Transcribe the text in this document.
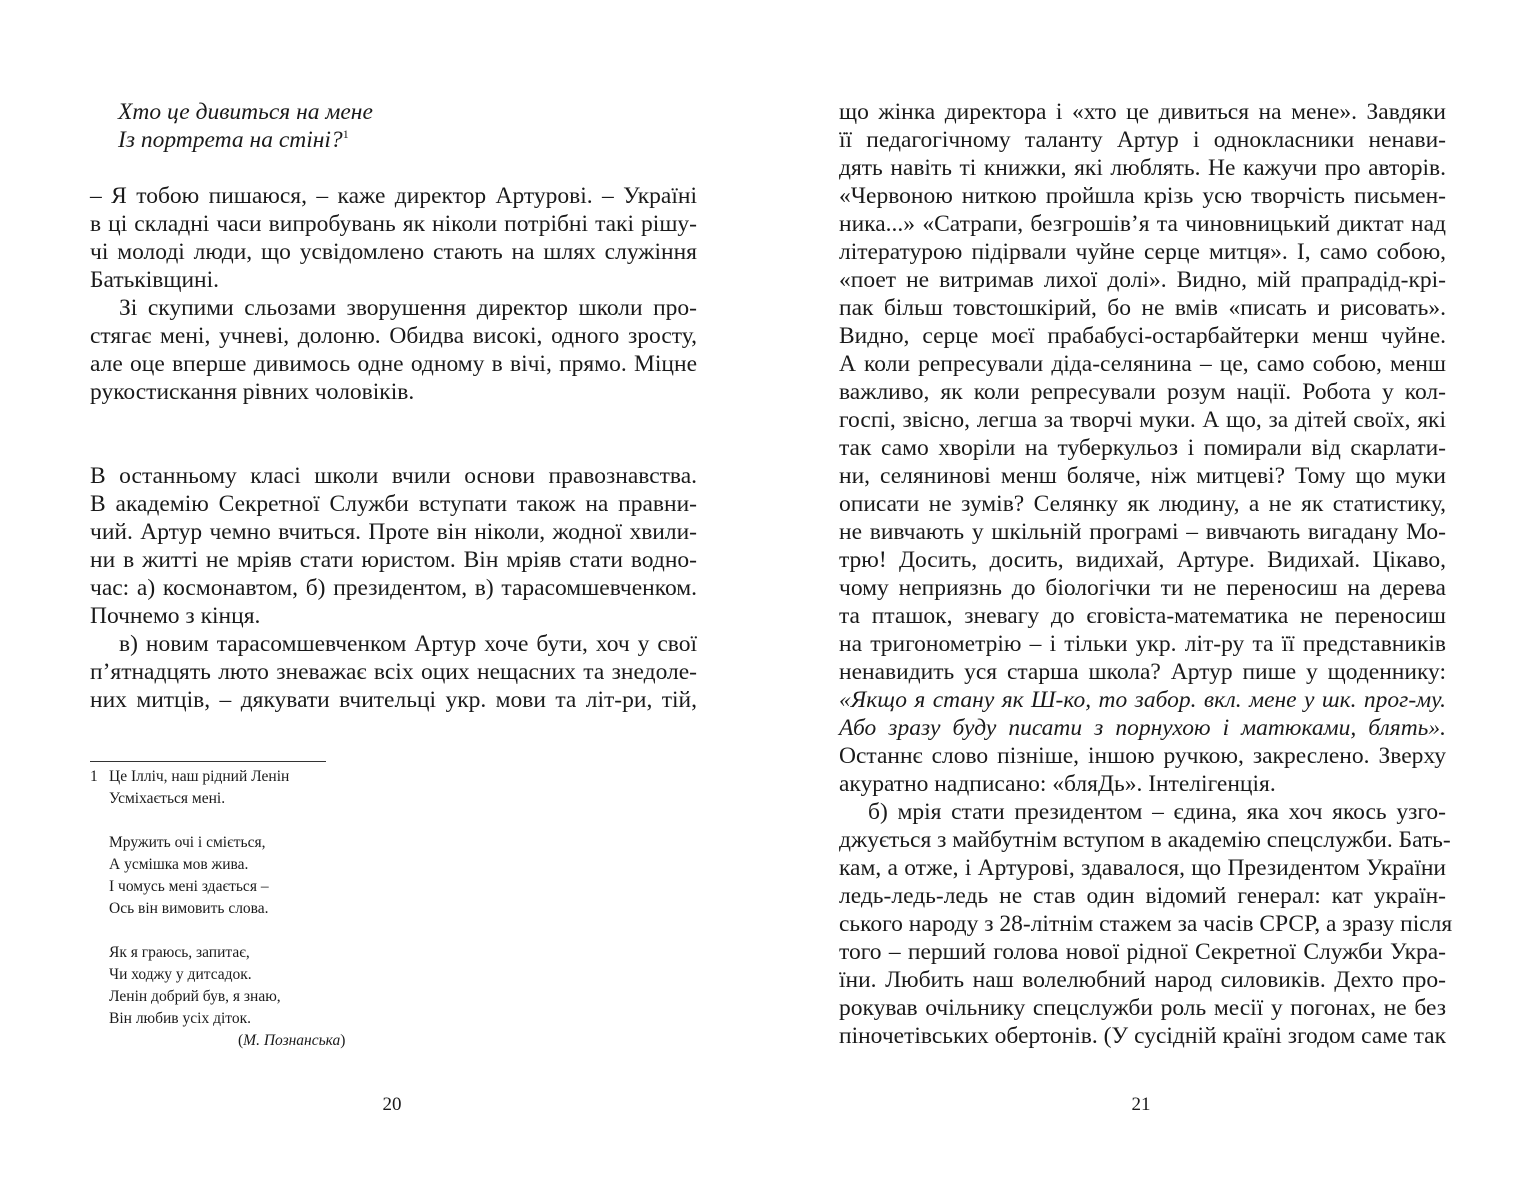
Хто це дивиться на мене
Із портрета на стіні?$^1$

– Я тобою пишаюся, – каже директор Артурові. – Україні

в ці складні часи випробувань як ніколи потрібні такі рішу-

чі молоді люди, що усвідомлено стають на шлях служіння

Батьківщині.

Зі скупими сльозами зворушення директор школи про-

стягає мені, учневі, долоню. Обидва високі, одного зросту,

але оце вперше дивимось одне одному в вічі, прямо. Міцне

рукостискання рівних чоловіків.

В останньому класі школи вчили основи правознавства.

В академію Секретної Служби вступати також на правни-

чий. Артур чемно вчиться. Проте він ніколи, жодної хвили-

ни в житті не мріяв стати юристом. Він мріяв стати водно-

час: а) космонавтом, б) президентом, в) тарасомшевченком.

Почнемо з кінця.

в) новим тарасомшевченком Артур хоче бути, хоч у свої

п’ятнадцять люто зневажає всіх оцих нещасних та знедоле-

них митців, – дякувати вчительці укр. мови та літ-ри, тій,

1 Це Ілліч, наш рідний Ленін
Усміхається мені.
Мружить очі і сміється,
А усмішка мов жива.
І чомусь мені здається –
Ось він вимовить слова.
Як я граюсь, запитає,
Чи ходжу у дитсадок.
Ленін добрий був, я знаю,
Він любив усіх діток.
(М. Познанська)
20

що жінка директора і «хто це дивиться на мене». Завдяки

її педагогічному таланту Артур і однокласники ненави-

дять навіть ті книжки, які люблять. Не кажучи про авторів.

«Червоною ниткою пройшла крізь усю творчість письмен-

ника...» «Сатрапи, безгрошів’я та чиновницький диктат над

літературою підірвали чуйне серце митця». І, само собою,

«поет не витримав лихої долі». Видно, мій прапрадід-крі-

пак більш товстошкірий, бо не вмів «писать и рисовать».

Видно, серце моєї прабабусі-остарбайтерки менш чуйне.

А коли репресували діда-селянина – це, само собою, менш

важливо, як коли репресували розум нації. Робота у кол-

госпі, звісно, легша за творчі муки. А що, за дітей своїх, які

так само хворіли на туберкульоз і помирали від скарлати-

ни, селянинові менш боляче, ніж митцеві? Тому що муки

описати не зумів? Селянку як людину, а не як статистику,

не вивчають у шкільній програмі – вивчають вигадану Мо-

трю! Досить, досить, видихай, Артуре. Видихай. Цікаво,

чому неприязнь до біологічки ти не переносиш на дерева

та пташок, зневагу до єговіста-математика не переносиш

на тригонометрію – і тільки укр. літ-ру та її представників

ненавидить уся старша школа? Артур пише у щоденнику:

«Якщо я стану як Ш-ко, то забор. вкл. мене у шк. прог-му.

Або зразу буду писати з порнухою і матюками, блять».

Останнє слово пізніше, іншою ручкою, закреслено. Зверху

акуратно надписано: «бляДь». Інтелігенція.

б) мрія стати президентом – єдина, яка хоч якось узго-

джується з майбутнім вступом в академію спецслужби. Бать-

кам, а отже, і Артурові, здавалося, що Президентом України

ледь-ледь-ледь не став один відомий генерал: кат україн-

ського народу з 28-літнім стажем за часів СРСР, а зразу після

того – перший голова нової рідної Секретної Служби Укра-

їни. Любить наш волелюбний народ силовиків. Дехто про-

рокував очільнику спецслужби роль месії у погонах, не без

піночетівських обертонів. (У сусідній країні згодом саме так

21
